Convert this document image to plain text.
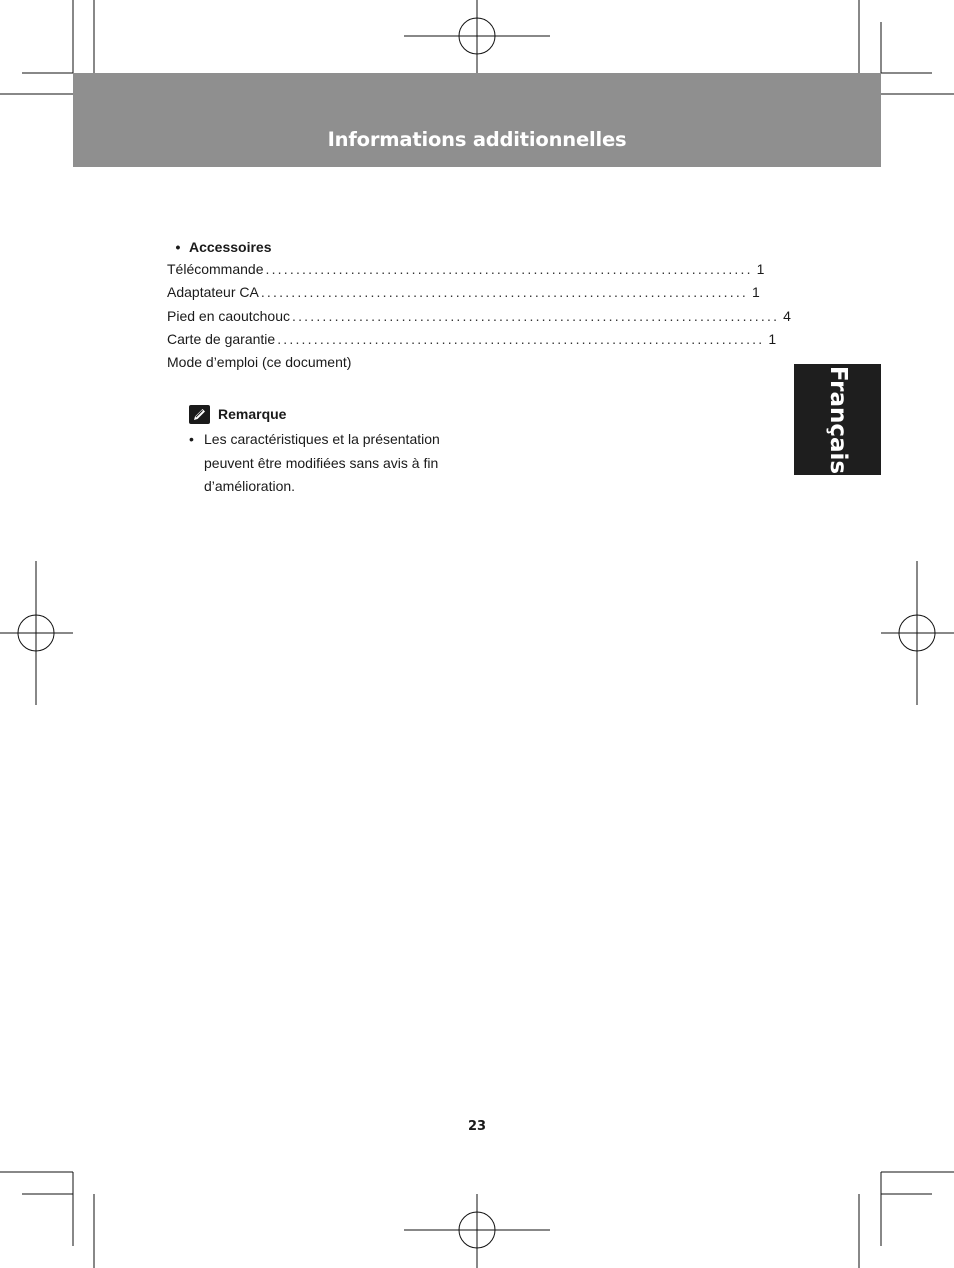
Informations additionnelles
Français
• Accessoires
Télécommande ................................................................................ 1
Adaptateur CA ................................................................................ 1
Pied en caoutchouc ................................................................................ 4
Carte de garantie ................................................................................ 1
Mode d’emploi (ce document)
Remarque
• Les caractéristiques et la présentation peuvent être modifiées sans avis à fin d’amélioration.
23
